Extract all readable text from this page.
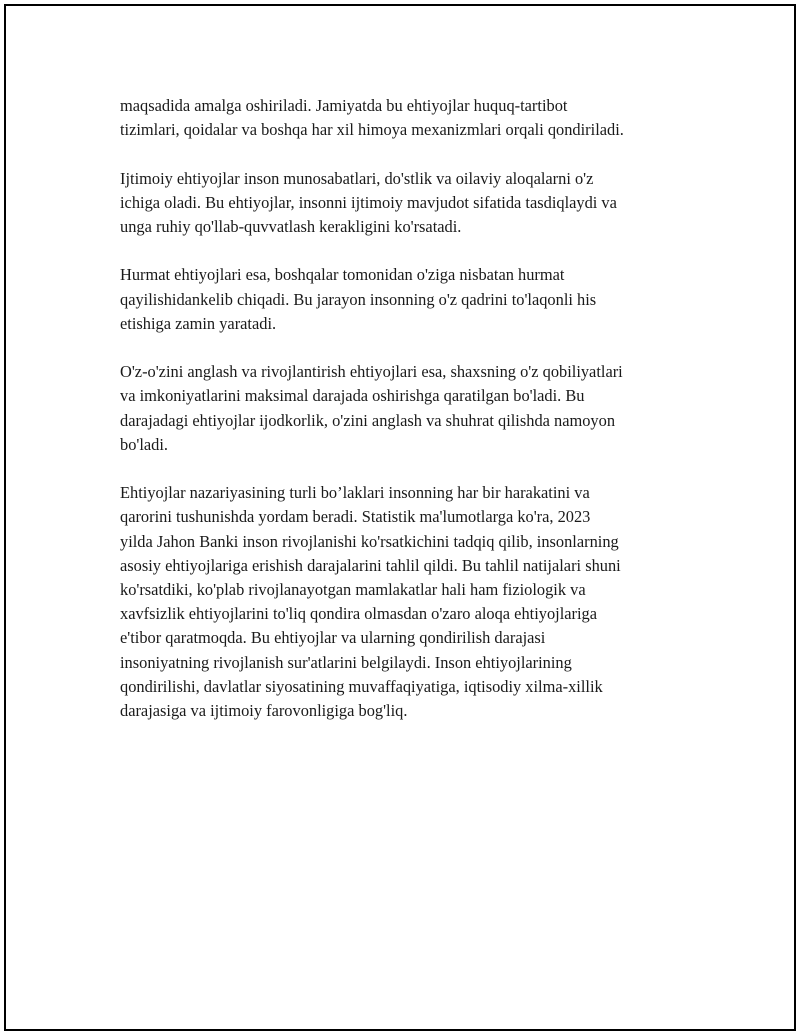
maqsadida amalga oshiriladi. Jamiyatda bu ehtiyojlar huquq-tartibot
tizimlari, qoidalar va boshqa har xil himoya mexanizmlari orqali qondiriladi.

Ijtimoiy ehtiyojlar inson munosabatlari, do'stlik va oilaviy aloqalarni o'z
ichiga oladi. Bu ehtiyojlar, insonni ijtimoiy mavjudot sifatida tasdiqlaydi va
unga ruhiy qo'llab-quvvatlash kerakligini ko'rsatadi.

Hurmat ehtiyojlari esa, boshqalar tomonidan o'ziga nisbatan hurmat
qayilishidankelib chiqadi. Bu jarayon insonning o'z qadrini to'laqonli his
etishiga zamin yaratadi.

O'z-o'zini anglash va rivojlantirish ehtiyojlari esa, shaxsning o'z qobiliyatlari
va imkoniyatlarini maksimal darajada oshirishga qaratilgan bo'ladi. Bu
darajadagi ehtiyojlar ijodkorlik, o'zini anglash va shuhrat qilishda namoyon
bo'ladi.

Ehtiyojlar nazariyasining turli bo’laklari insonning har bir harakatini va
qarorini tushunishda yordam beradi. Statistik ma'lumotlarga ko'ra, 2023
yilda Jahon Banki inson rivojlanishi ko'rsatkichini tadqiq qilib, insonlarning
asosiy ehtiyojlariga erishish darajalarini tahlil qildi. Bu tahlil natijalari shuni
ko'rsatdiki, ko'plab rivojlanayotgan mamlakatlar hali ham fiziologik va
xavfsizlik ehtiyojlarini to'liq qondira olmasdan o'zaro aloqa ehtiyojlariga
e'tibor qaratmoqda. Bu ehtiyojlar va ularning qondirilish darajasi
insoniyatning rivojlanish sur'atlarini belgilaydi. Inson ehtiyojlarining
qondirilishi, davlatlar siyosatining muvaffaqiyatiga, iqtisodiy xilma-xillik
darajasiga va ijtimoiy farovonligiga bog'liq.
